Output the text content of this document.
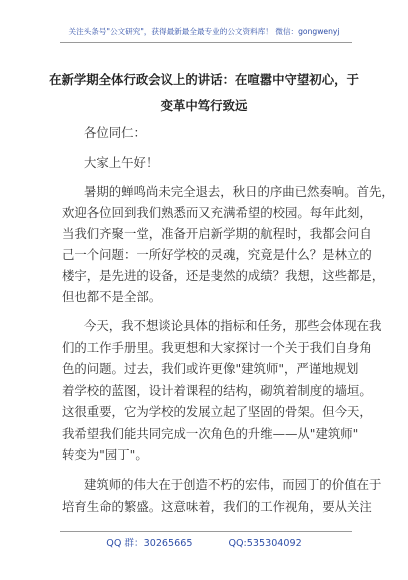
关注头条号"公文研究"，获得最新最全最专业的公文资料库！ 微信：gongwenyj
在新学期全体行政会议上的讲话：在喧嚣中守望初心，于
变革中笃行致远
各位同仁：
大家上午好！
暑期的蝉鸣尚未完全退去，秋日的序曲已然奏响。首先，
欢迎各位回到我们熟悉而又充满希望的校园。每年此刻，
当我们齐聚一堂，准备开启新学期的航程时，我都会问自
己一个问题：一所好学校的灵魂，究竟是什么？是林立的
楼宇，是先进的设备，还是斐然的成绩？我想，这些都是，
但也都不是全部。
今天，我不想谈论具体的指标和任务，那些会体现在我
们的工作手册里。我更想和大家探讨一个关于我们自身角
色的问题。过去，我们或许更像"建筑师"，严谨地规划
着学校的蓝图，设计着课程的结构，砌筑着制度的墙垣。
这很重要，它为学校的发展立起了坚固的骨架。但今天，
我希望我们能共同完成一次角色的升维——从"建筑师"
转变为"园丁"。
建筑师的伟大在于创造不朽的宏伟，而园丁的价值在于
培育生命的繁盛。这意味着，我们的工作视角，要从关注
QQ 群：30265665	QQ:535304092
